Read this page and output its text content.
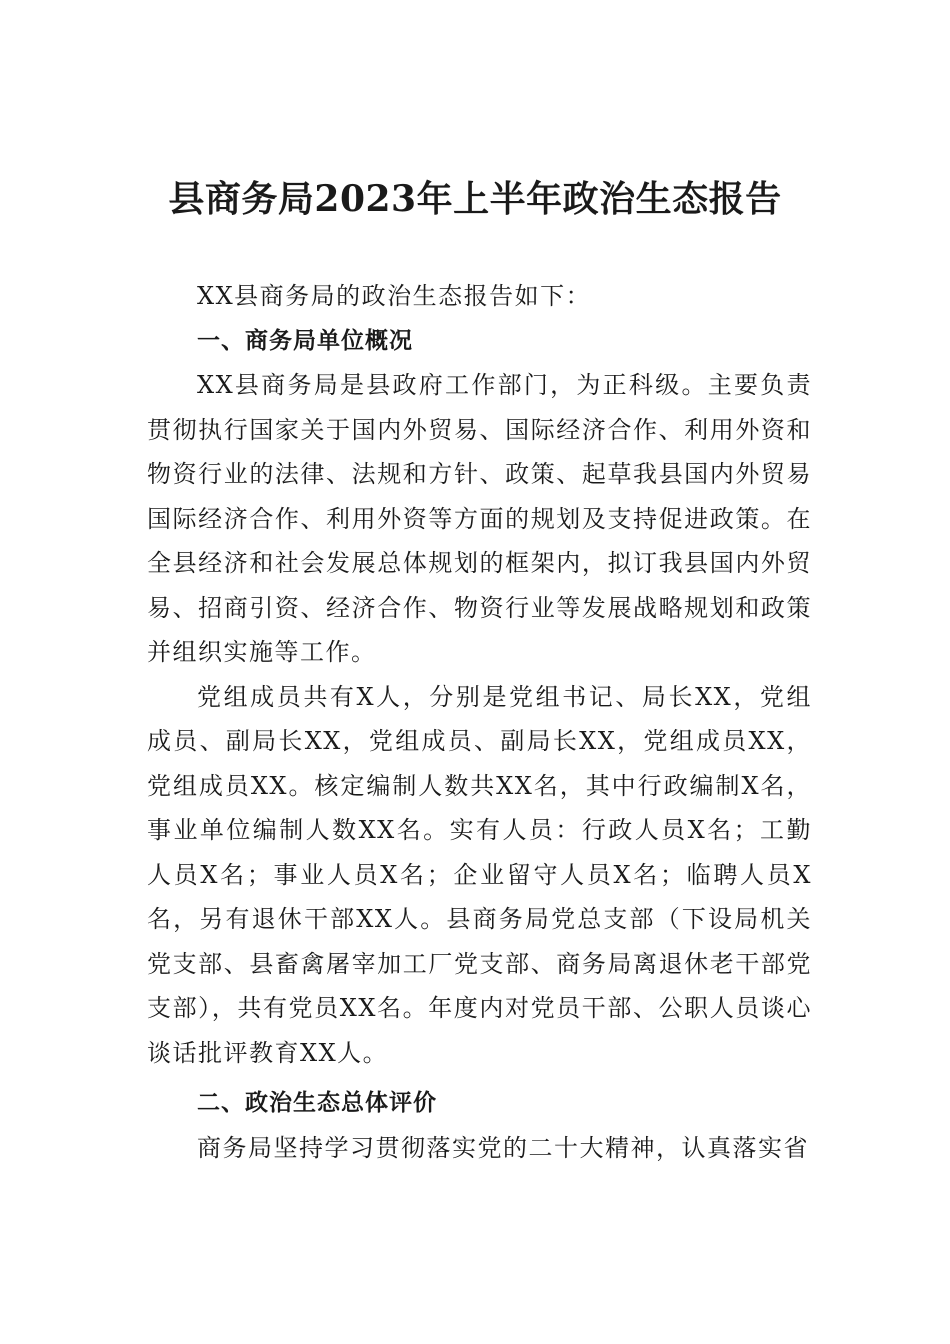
县商务局2023年上半年政治生态报告

XX县商务局的政治生态报告如下：

一、商务局单位概况

XX县商务局是县政府工作部门，为正科级。主要负责贯彻执行国家关于国内外贸易、国际经济合作、利用外资和物资行业的法律、法规和方针、政策、起草我县国内外贸易国际经济合作、利用外资等方面的规划及支持促进政策。在全县经济和社会发展总体规划的框架内，拟订我县国内外贸易、招商引资、经济合作、物资行业等发展战略规划和政策并组织实施等工作。

党组成员共有X人，分别是党组书记、局长XX，党组成员、副局长XX，党组成员、副局长XX，党组成员XX，党组成员XX。核定编制人数共XX名，其中行政编制X名，事业单位编制人数XX名。实有人员：行政人员X名；工勤人员X名；事业人员X名；企业留守人员X名；临聘人员X名，另有退休干部XX人。县商务局党总支部（下设局机关党支部、县畜禽屠宰加工厂党支部、商务局离退休老干部党支部），共有党员XX名。年度内对党员干部、公职人员谈心谈话批评教育XX人。

二、政治生态总体评价

商务局坚持学习贯彻落实党的二十大精神，认真落实省
